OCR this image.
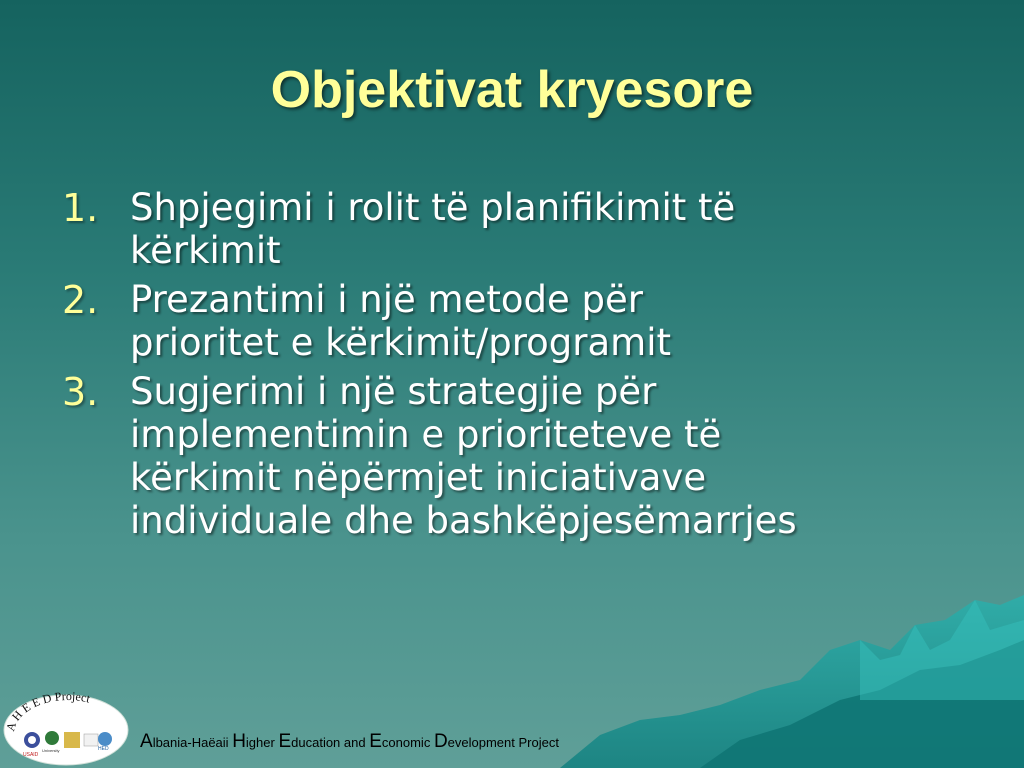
Objektivat kryesore
1. Shpjegimi i rolit të planifikimit të
kërkimit
2. Prezantimi i një metode për
prioritet e kërkimit/programit
3. Sugjerimi i një strategjie për
implementimin e prioriteteve të
kërkimit nëpërmjet iniciativave
individuale dhe bashkëpjesëmarrjes
A H E E D Project
USAID
University	HED Albania-Haëaii Higher Education and Economic Development Project
